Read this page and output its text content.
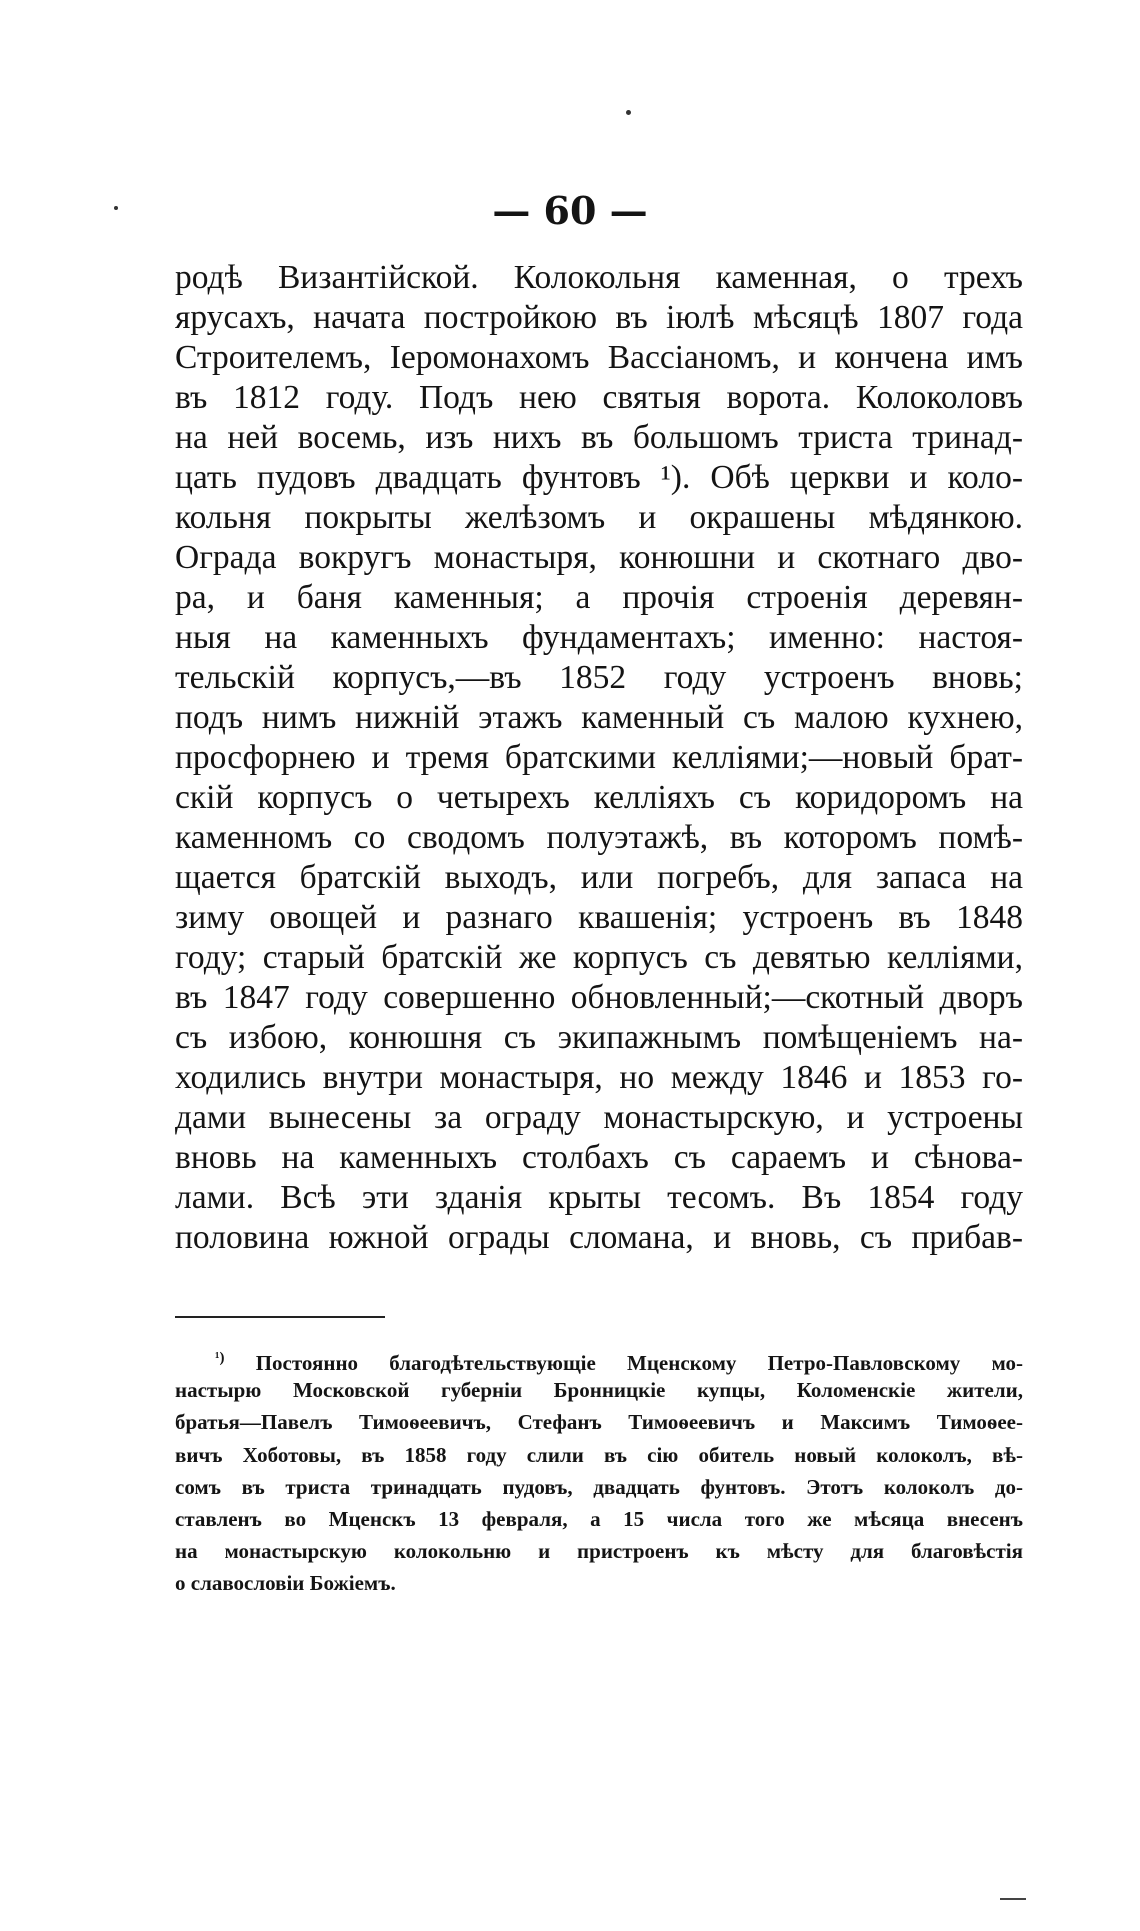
— 60 —
родѣ Византійской. Колокольня каменная, о трехъ
ярусахъ, начата постройкою въ іюлѣ мѣсяцѣ 1807 года
Строителемъ, Іеромонахомъ Вассіаномъ, и кончена имъ
въ 1812 году. Подъ нею святыя ворота. Колоколовъ
на ней восемь, изъ нихъ въ большомъ триста тринад-
цать пудовъ двадцать фунтовъ ¹). Обѣ церкви и коло-
кольня покрыты желѣзомъ и окрашены мѣдянкою.
Ограда вокругъ монастыря, конюшни и скотнаго дво-
ра, и баня каменныя; а прочія строенія деревян-
ныя на каменныхъ фундаментахъ; именно: настоя-
тельскій корпусъ,—въ 1852 году устроенъ вновь;
подъ нимъ нижній этажъ каменный съ малою кухнею,
просфорнею и тремя братскими келліями;—новый брат-
скій корпусъ о четырехъ келліяхъ съ коридоромъ на
каменномъ со сводомъ полуэтажѣ, въ которомъ помѣ-
щается братскій выходъ, или погребъ, для запаса на
зиму овощей и разнаго квашенія; устроенъ въ 1848
году; старый братскій же корпусъ съ девятью келліями,
въ 1847 году совершенно обновленный;—скотный дворъ
съ избою, конюшня съ экипажнымъ помѣщеніемъ на-
ходились внутри монастыря, но между 1846 и 1853 го-
дами вынесены за ограду монастырскую, и устроены
вновь на каменныхъ столбахъ съ сараемъ и сѣнова-
лами. Всѣ эти зданія крыты тесомъ. Въ 1854 году
половина южной ограды сломана, и вновь, съ прибав-
$^{^1)}$ Постоянно благодѣтельствующіе Мценскому Петро-Павловскому мо-
настырю Московской губерніи Бронницкіе купцы, Коломенскіе жители,
братья—Павелъ Тимоѳеевичъ, Стефанъ Тимоѳеевичъ и Максимъ Тимоѳее-
вичъ Хоботовы, въ 1858 году слили въ сію обитель новый колоколъ, вѣ-
сомъ въ триста тринадцать пудовъ, двадцать фунтовъ. Этотъ колоколъ до-
ставленъ во Мценскъ 13 февраля, а 15 числа того же мѣсяца внесенъ
на монастырскую колокольню и пристроенъ къ мѣсту для благовѣстія
о славословіи Божіемъ.
